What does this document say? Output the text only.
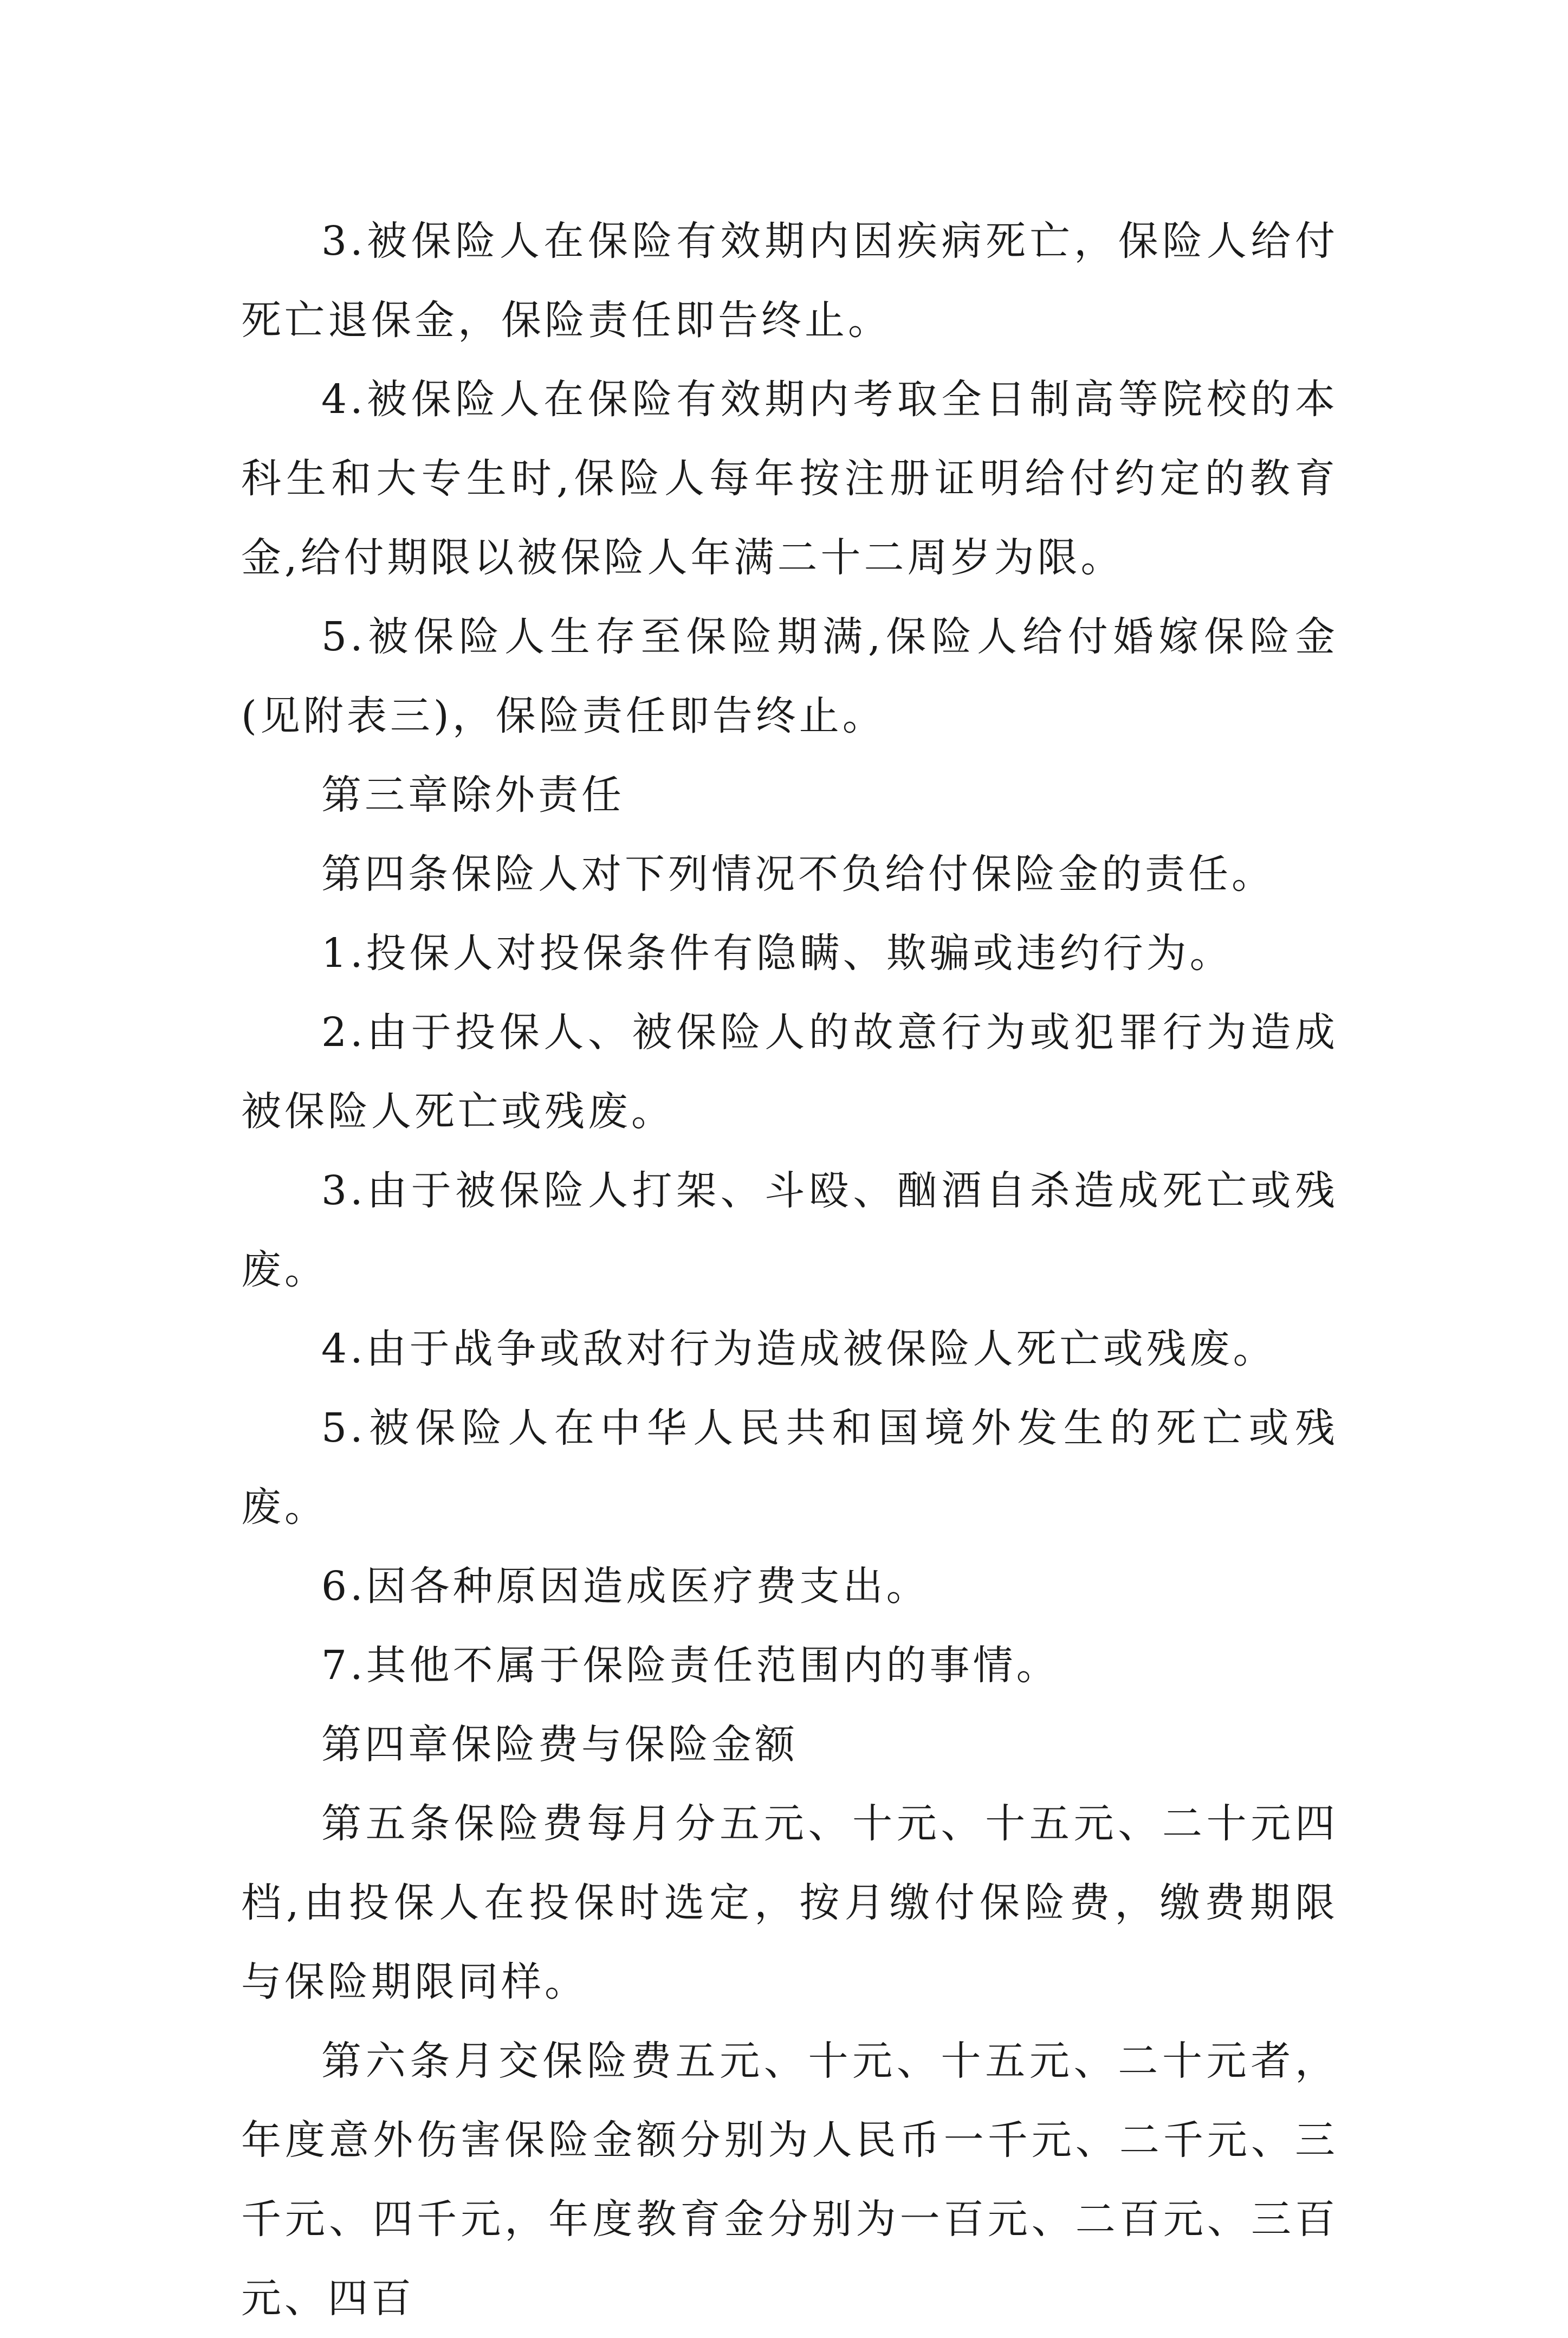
3.被保险人在保险有效期内因疾病死亡，保险人给付死亡退保金，保险责任即告终止。

4.被保险人在保险有效期内考取全日制高等院校的本科生和大专生时,保险人每年按注册证明给付约定的教育金,给付期限以被保险人年满二十二周岁为限。

5.被保险人生存至保险期满,保险人给付婚嫁保险金(见附表三)，保险责任即告终止。

第三章除外责任

第四条保险人对下列情况不负给付保险金的责任。

1.投保人对投保条件有隐瞒、欺骗或违约行为。

2.由于投保人、被保险人的故意行为或犯罪行为造成被保险人死亡或残废。

3.由于被保险人打架、斗殴、酗酒自杀造成死亡或残废。

4.由于战争或敌对行为造成被保险人死亡或残废。

5.被保险人在中华人民共和国境外发生的死亡或残废。

6.因各种原因造成医疗费支出。

7.其他不属于保险责任范围内的事情。

第四章保险费与保险金额

第五条保险费每月分五元、十元、十五元、二十元四档,由投保人在投保时选定，按月缴付保险费，缴费期限与保险期限同样。

第六条月交保险费五元、十元、十五元、二十元者，年度意外伤害保险金额分别为人民币一千元、二千元、三千元、四千元，年度教育金分别为一百元、二百元、三百元、四百
